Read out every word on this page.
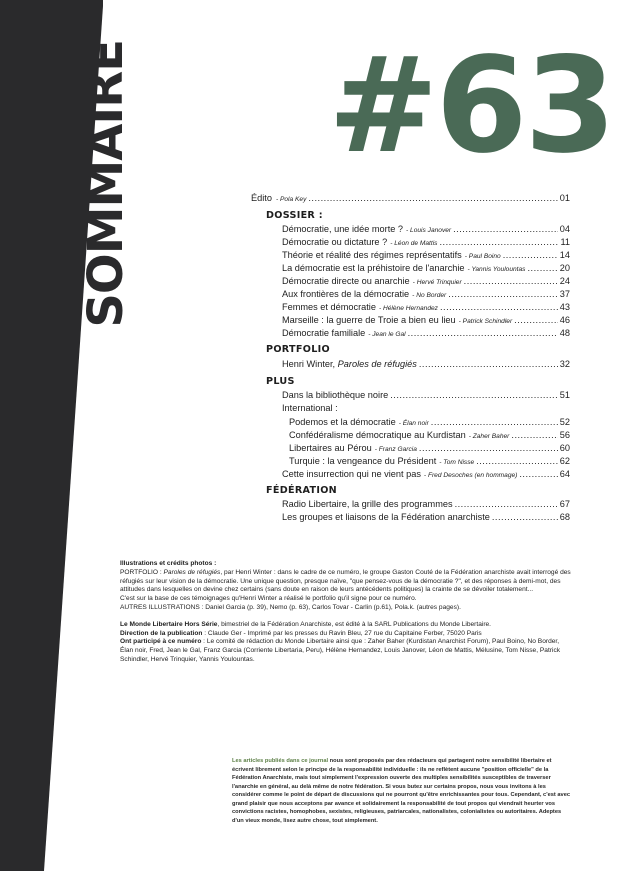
SOMMAIRE #63
Édito - Pola Key .....	01
DOSSIER :
Démocratie, une idée morte ? - Louis Janover .....	04
Démocratie ou dictature ? - Léon de Mattis .....	11
Théorie et réalité des régimes représentatifs - Paul Boino .....	14
La démocratie est la préhistoire de l'anarchie - Yannis Youlountas .....	20
Démocratie directe ou anarchie - Hervé Trinquier .....	24
Aux frontières de la démocratie - No Border .....	37
Femmes et démocratie - Hélène Hernandez .....	43
Marseille : la guerre de Troie a bien eu lieu - Patrick Schindler .....	46
Démocratie familiale - Jean le Gal .....	48
PORTFOLIO
Henri Winter, Paroles de réfugiés .....	32
PLUS
Dans la bibliothèque noire .....	51
International :
Podemos et la démocratie - Élan noir .....	52
Confédéralisme démocratique au Kurdistan - Zaher Baher .....	56
Libertaires au Pérou - Franz Garcia .....	60
Turquie : la vengeance du Président - Tom Nisse .....	62
Cette insurrection qui ne vient pas - Fred Desoches (en hommage) .....	64
FÉDÉRATION
Radio Libertaire, la grille des programmes .....	67
Les groupes et liaisons de la Fédération anarchiste .....	68

Illustrations et crédits photos :

PORTFOLIO : Paroles de réfugiés, par Henri Winter : dans le cadre de ce numéro, le groupe Gaston Couté de la Fédération anarchiste avait interrogé des réfugiés sur leur vision de la démocratie. Une unique question, presque naïve, "que pensez-vous de la démocratie ?", et des réponses à demi-mot, des attitudes dans lesquelles on devine chez certains (sans doute en raison de leurs antécédents politiques) la crainte de se dévoiler totalement...

C'est sur la base de ces témoignages qu'Henri Winter a réalisé le portfolio qu'il signe pour ce numéro.

AUTRES ILLUSTRATIONS : Daniel Garcia (p. 39), Nemo (p. 63), Carlos Tovar - Carlin (p.61), Pola.k. (autres pages).

Le Monde Libertaire Hors Série, bimestriel de la Fédération Anarchiste, est édité à la SARL Publications du Monde Libertaire.

Direction de la publication : Claude Ger - Imprimé par les presses du Ravin Bleu, 27 rue du Capitaine Ferber, 75020 Paris

Ont participé à ce numéro : Le comité de rédaction du Monde Libertaire ainsi que : Zaher Baher (Kurdistan Anarchist Forum), Paul Boino, No Border, Élan noir, Fred, Jean le Gal, Franz Garcia (Corriente Libertaria, Peru), Hélène Hernandez, Louis Janover, Léon de Mattis, Mélusine, Tom Nisse, Patrick Schindler, Hervé Trinquier, Yannis Youlountas.

Les articles publiés dans ce journal nous sont proposés par des rédacteurs qui partagent notre sensibilité libertaire et écrivent librement selon le principe de la responsabilité individuelle : ils ne reflètent aucune "position officielle" de la Fédération Anarchiste, mais tout simplement l'expression ouverte des multiples sensibilités susceptibles de traverser l'anarchie en général, au delà même de notre fédération. Si vous butez sur certains propos, nous vous invitons à les considérer comme le point de départ de discussions qui ne pourront qu'être enrichissantes pour tous. Cependant, c'est avec grand plaisir que nous acceptons par avance et solidairement la responsabilité de tout propos qui viendrait heurter vos convictions racistes, homophobes, sexistes, religieuses, patriarcales, nationalistes, colonialistes ou autoritaires. Adeptes d'un vieux monde, lisez autre chose, tout simplement.
